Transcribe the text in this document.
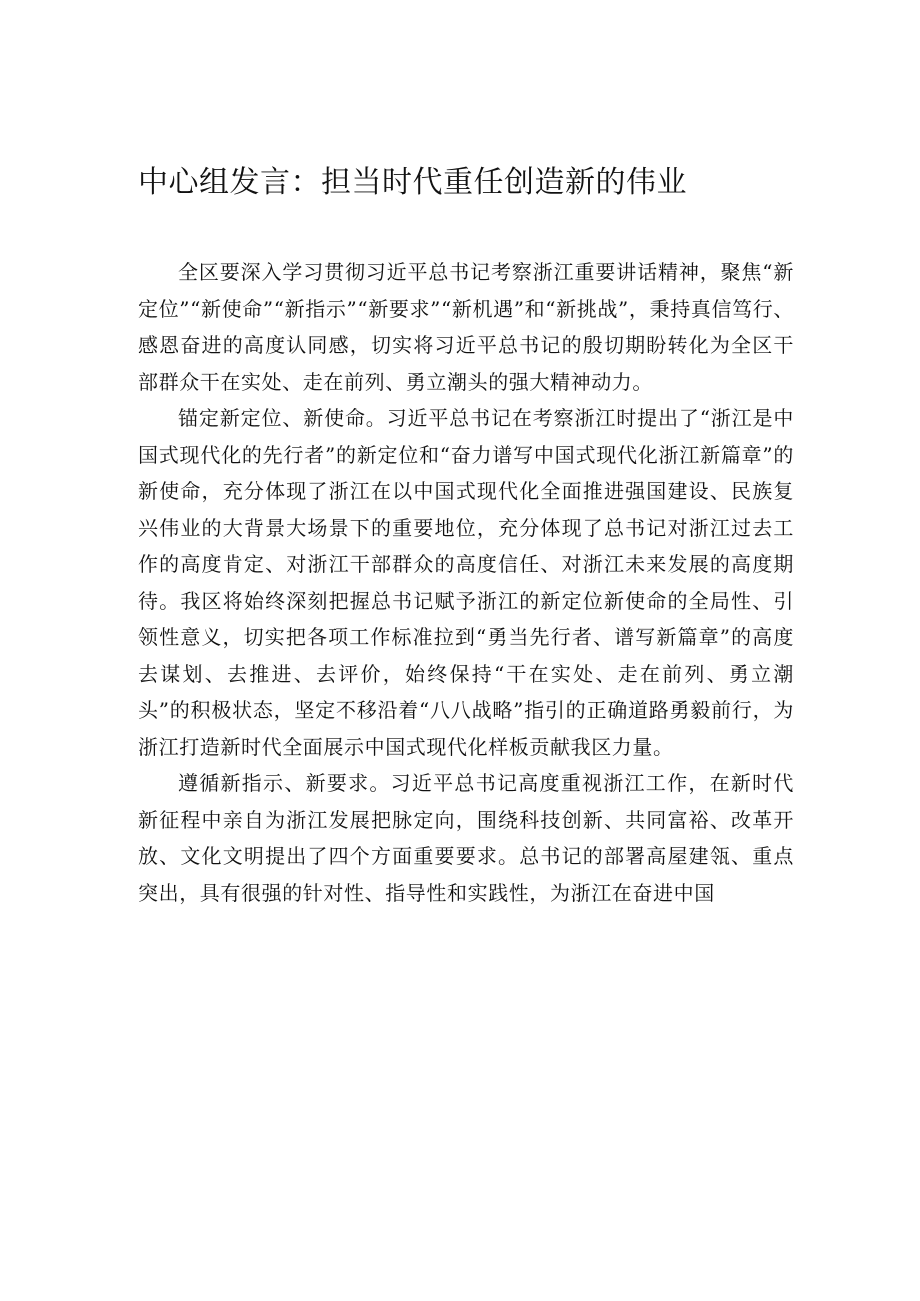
中心组发言：担当时代重任创造新的伟业

全区要深入学习贯彻习近平总书记考察浙江重要讲话精神，聚焦“新定位”“新使命”“新指示”“新要求”“新机遇”和“新挑战”，秉持真信笃行、感恩奋进的高度认同感，切实将习近平总书记的殷切期盼转化为全区干部群众干在实处、走在前列、勇立潮头的强大精神动力。

锚定新定位、新使命。习近平总书记在考察浙江时提出了“浙江是中国式现代化的先行者”的新定位和“奋力谱写中国式现代化浙江新篇章”的新使命，充分体现了浙江在以中国式现代化全面推进强国建设、民族复兴伟业的大背景大场景下的重要地位，充分体现了总书记对浙江过去工作的高度肯定、对浙江干部群众的高度信任、对浙江未来发展的高度期待。我区将始终深刻把握总书记赋予浙江的新定位新使命的全局性、引领性意义，切实把各项工作标准拉到“勇当先行者、谱写新篇章”的高度去谋划、去推进、去评价，始终保持“干在实处、走在前列、勇立潮头”的积极状态，坚定不移沿着“八八战略”指引的正确道路勇毅前行，为浙江打造新时代全面展示中国式现代化样板贡献我区力量。

遵循新指示、新要求。习近平总书记高度重视浙江工作，在新时代新征程中亲自为浙江发展把脉定向，围绕科技创新、共同富裕、改革开放、文化文明提出了四个方面重要要求。总书记的部署高屋建瓴、重点突出，具有很强的针对性、指导性和实践性，为浙江在奋进中国
